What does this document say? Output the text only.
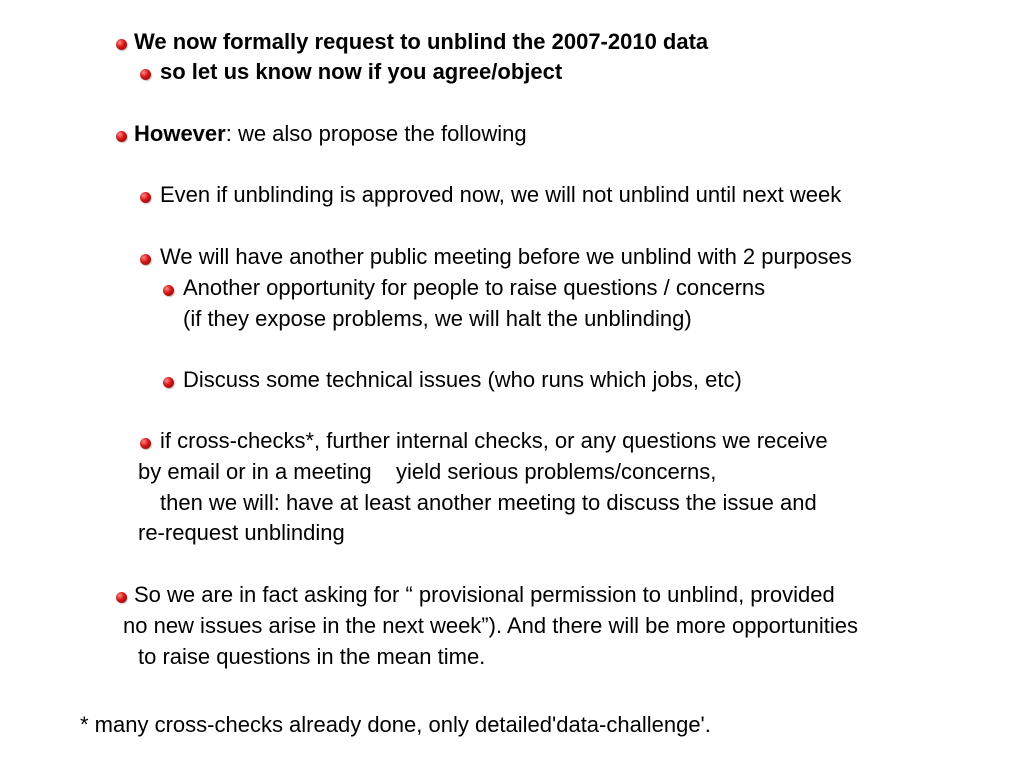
We now formally request to unblind the 2007-2010 data
so let us know now if you agree/object
However: we also propose the following
Even if unblinding is approved now, we will not unblind until next week
We will have another public meeting before we unblind with 2 purposes
Another opportunity for people to raise questions / concerns
(if they expose problems, we will halt the unblinding)
Discuss some technical issues (who runs which jobs, etc)
if cross-checks*, further internal checks, or any questions we receive
by email or in a meeting    yield serious problems/concerns,
then we will: have at least another meeting to discuss the issue and
re-request unblinding
So we are in fact asking for “ provisional permission to unblind, provided
no new issues arise in the next week”). And there will be more opportunities
to raise questions in the mean time.
* many cross-checks already done, only detailed'data-challenge'.
